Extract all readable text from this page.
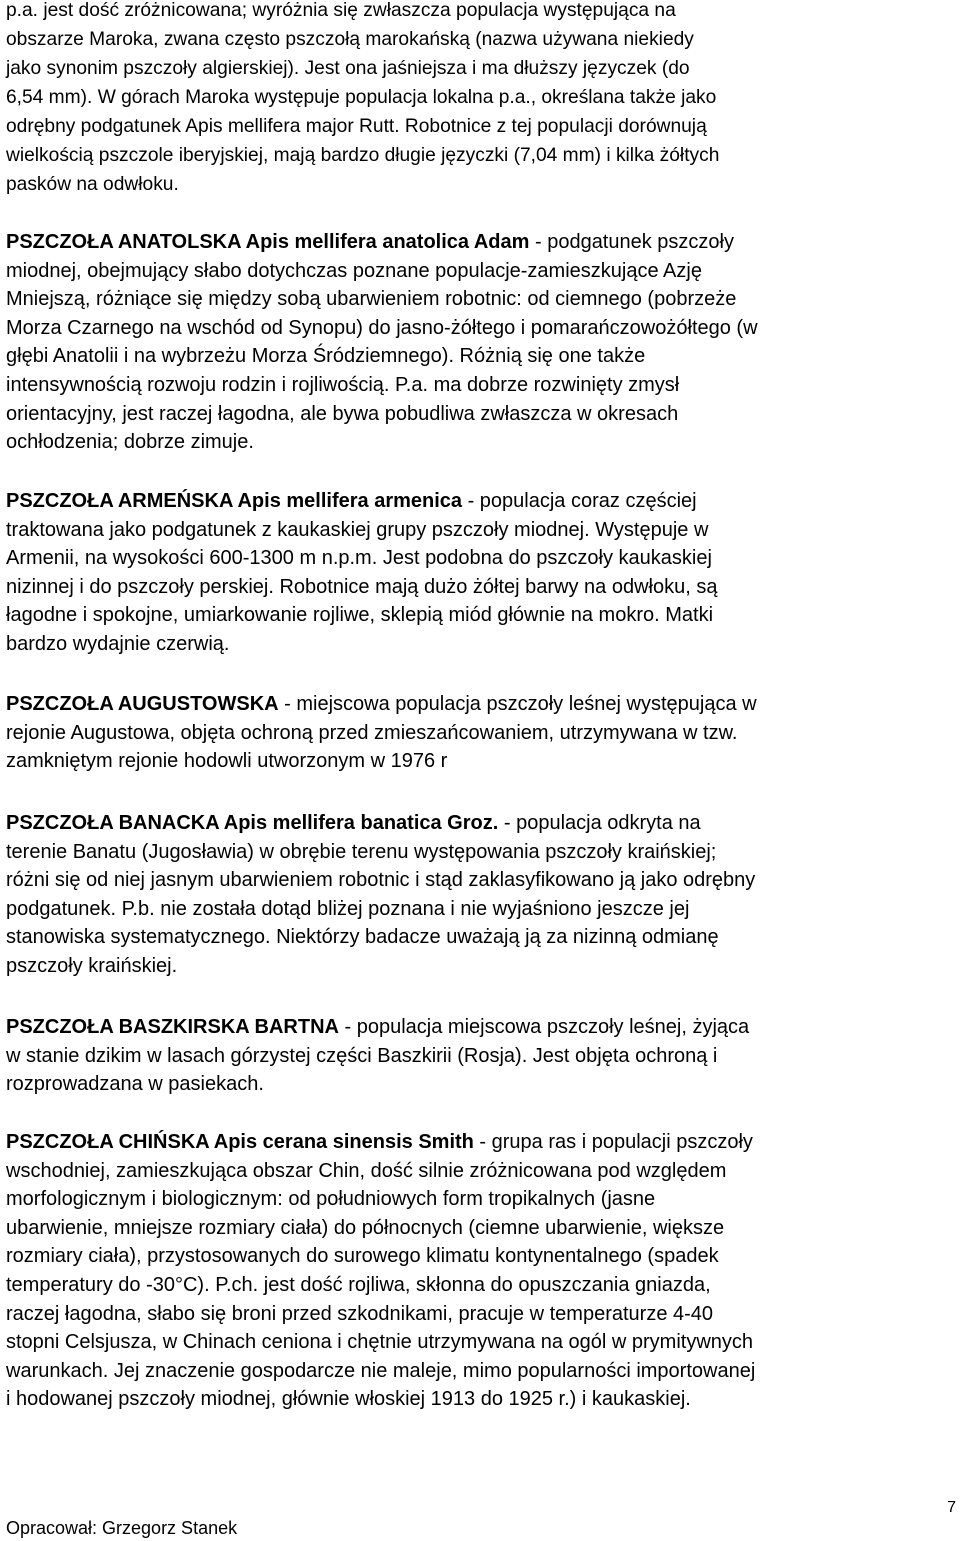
p.a. jest dość zróżnicowana; wyróżnia się zwłaszcza populacja występująca na
obszarze Maroka, zwana często pszczołą marokańską (nazwa używana niekiedy
jako synonim pszczoły algierskiej). Jest ona jaśniejsza i ma dłuższy języczek (do
6,54 mm). W górach Maroka występuje populacja lokalna p.a., określana także jako
odrębny podgatunek Apis mellifera major Rutt. Robotnice z tej populacji dorównują
wielkością pszczole iberyjskiej, mają bardzo długie języczki (7,04 mm) i kilka żółtych
pasków na odwłoku.
PSZCZOŁA ANATOLSKA Apis mellifera anatolica Adam - podgatunek pszczoły
miodnej, obejmujący słabo dotychczas poznane populacje-zamieszkujące Azję
Mniejszą, różniące się między sobą ubarwieniem robotnic: od ciemnego (pobrzeże
Morza Czarnego na wschód od Synopu) do jasno-żółtego i pomarańczowożółtego (w
głębi Anatolii i na wybrzeżu Morza Śródziemnego). Różnią się one także
intensywnością rozwoju rodzin i rojliwością. P.a. ma dobrze rozwinięty zmysł
orientacyjny, jest raczej łagodna, ale bywa pobudliwa zwłaszcza w okresach
ochłodzenia; dobrze zimuje.
PSZCZOŁA ARMEŃSKA Apis mellifera armenica - populacja coraz częściej
traktowana jako podgatunek z kaukaskiej grupy pszczoły miodnej. Występuje w
Armenii, na wysokości 600-1300 m n.p.m. Jest podobna do pszczoły kaukaskiej
nizinnej i do pszczoły perskiej. Robotnice mają dużo żółtej barwy na odwłoku, są
łagodne i spokojne, umiarkowanie rojliwe, sklepią miód głównie na mokro. Matki
bardzo wydajnie czerwią.
PSZCZOŁA AUGUSTOWSKA - miejscowa populacja pszczoły leśnej występująca w
rejonie Augustowa, objęta ochroną przed zmieszańcowaniem, utrzymywana w tzw.
zamkniętym rejonie hodowli utworzonym w 1976 r
PSZCZOŁA BANACKA Apis mellifera banatica Groz. - populacja odkryta na
terenie Banatu (Jugosławia) w obrębie terenu występowania pszczoły kraińskiej;
różni się od niej jasnym ubarwieniem robotnic i stąd zaklasyfikowano ją jako odrębny
podgatunek. P.b. nie została dotąd bliżej poznana i nie wyjaśniono jeszcze jej
stanowiska systematycznego. Niektórzy badacze uważają ją za nizinną odmianę
pszczoły kraińskiej.
PSZCZOŁA BASZKIRSKA BARTNA - populacja miejscowa pszczoły leśnej, żyjąca
w stanie dzikim w lasach górzystej części Baszkirii (Rosja). Jest objęta ochroną i
rozprowadzana w pasiekach.
PSZCZOŁA CHIŃSKA Apis cerana sinensis Smith - grupa ras i populacji pszczoły
wschodniej, zamieszkująca obszar Chin, dość silnie zróżnicowana pod względem
morfologicznym i biologicznym: od południowych form tropikalnych (jasne
ubarwienie, mniejsze rozmiary ciała) do północnych (ciemne ubarwienie, większe
rozmiary ciała), przystosowanych do surowego klimatu kontynentalnego (spadek
temperatury do -30°C). P.ch. jest dość rojliwa, skłonna do opuszczania gniazda,
raczej łagodna, słabo się broni przed szkodnikami, pracuje w temperaturze 4-40
stopni Celsjusza, w Chinach ceniona i chętnie utrzymywana na ogól w prymitywnych
warunkach. Jej znaczenie gospodarcze nie maleje, mimo popularności importowanej
i hodowanej pszczoły miodnej, głównie włoskiej 1913 do 1925 r.) i kaukaskiej.
Opracował: Grzegorz Stanek
7
